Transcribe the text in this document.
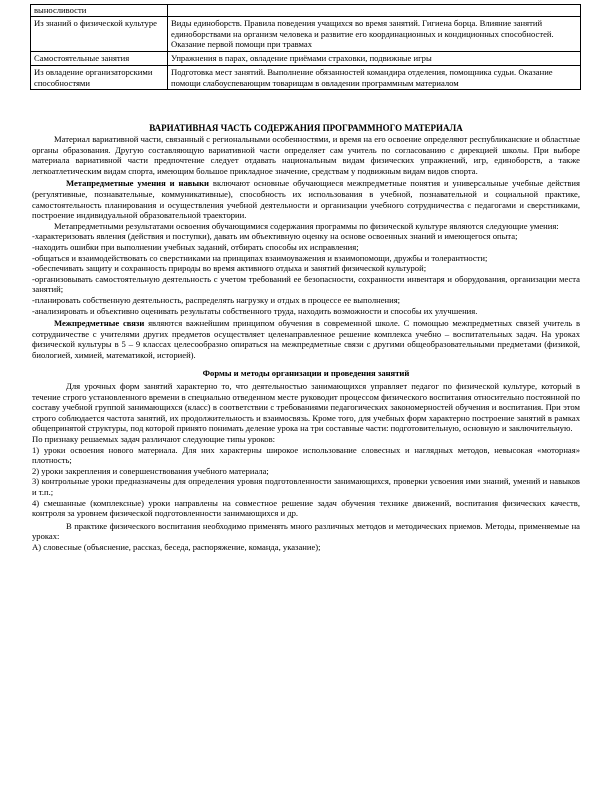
выносливости	
Из знаний о физической культуре	Виды единоборств. Правила поведения учащихся во время занятий. Гигиена борца. Влияние занятий единоборствами на организм человека и развитие его координационных и кондиционных способностей. Оказание первой помощи при травмах
Самостоятельные занятия	Упражнения в парах, овладение приёмами страховки, подвижные игры
Из овладение организаторскими способностями	Подготовка мест занятий. Выполнение обязанностей командира отделения, помощника судьи. Оказание помощи слабоуспевающим товарищам в овладении программным материалом
ВАРИАТИВНАЯ ЧАСТЬ СОДЕРЖАНИЯ ПРОГРАММНОГО МАТЕРИАЛА

Материал вариативной части, связанный с региональными особенностями, и время на его освоение определяют республиканские и областные органы образования. Другую составляющую вариативной части определяет сам учитель по согласованию с дирекцией школы. При выборе материала вариативной части предпочтение следует отдавать национальным видам физических упражнений, игр, единоборств, а также легкоатлетическим видам спорта, имеющим большое прикладное значение, средствам у подвижным видам видов спорта.

Метапредметные умения и навыки включают основные обучающиеся межпредметные понятия и универсальные учебные действия (регулятивные, познавательные, коммуникативные), способность их использования в учебной, познавательной и социальной практике, самостоятельность планирования и осуществления учебной деятельности и организации учебного сотрудничества с педагогами и сверстниками, построение индивидуальной образовательной траектории.

Метапредметными результатами освоения обучающимися содержания программы по физической культуре являются следующие умения:

-характеризовать явления (действия и поступки), давать им объективную оценку на основе освоенных знаний и имеющегося опыта;

-находить ошибки при выполнении учебных заданий, отбирать способы их исправления;

-общаться и взаимодействовать со сверстниками на принципах взаимоуважения и взаимопомощи, дружбы и толерантности;

-обеспечивать защиту и сохранность природы во время активного отдыха и занятий физической культурой;

-организовывать самостоятельную деятельность с учетом требований ее безопасности, сохранности инвентаря и оборудования, организации места занятий;

-планировать собственную деятельность, распределять нагрузку и отдых в процессе ее выполнения;

-анализировать и объективно оценивать результаты собственного труда, находить возможности и способы их улучшения.

Межпредметные связи являются важнейшим принципом обучения в современной школе. С помощью межпредметных связей учитель в сотрудничестве с учителями других предметов осуществляет целенаправленное решение комплекса учебно – воспитательных задач. На уроках физической культуры в 5 – 9 классах целесообразно опираться на межпредметные связи с другими общеобразовательными предметами (физикой, биологией, химией, математикой, историей).

Формы и методы организации и проведения занятий

Для урочных форм занятий характерно то, что деятельностью занимающихся управляет педагог по физической культуре, который в течение строго установленного времени в специально отведенном месте руководит процессом физического воспитания относительно постоянной по составу учебной группой занимающихся (класс) в соответствии с требованиями педагогических закономерностей обучения и воспитания. При этом строго соблюдается частота занятий, их продолжительность и взаимосвязь. Кроме того, для учебных форм характерно построение занятий в рамках общепринятой структуры, под которой принято понимать деление урока на три составные части: подготовительную, основную и заключительную.

По признаку решаемых задач различают следующие типы уроков:

1) уроки освоения нового материала. Для них характерны широкое использование словесных и наглядных методов, невысокая «моторная» плотность;

2) уроки закрепления и совершенствования учебного материала;

3) контрольные уроки предназначены для определения уровня подготовленности занимающихся, проверки усвоения ими знаний, умений и навыков и т.п.;

4) смешанные (комплексные) уроки направлены на совместное решение задач обучения технике движений, воспитания физических качеств, контроля за уровнем физической подготовленности занимающихся и др.

В практике физического воспитания необходимо применять много различных методов и методических приемов. Методы, применяемые на уроках:

А) словесные (объяснение, рассказ, беседа, распоряжение, команда, указание);
